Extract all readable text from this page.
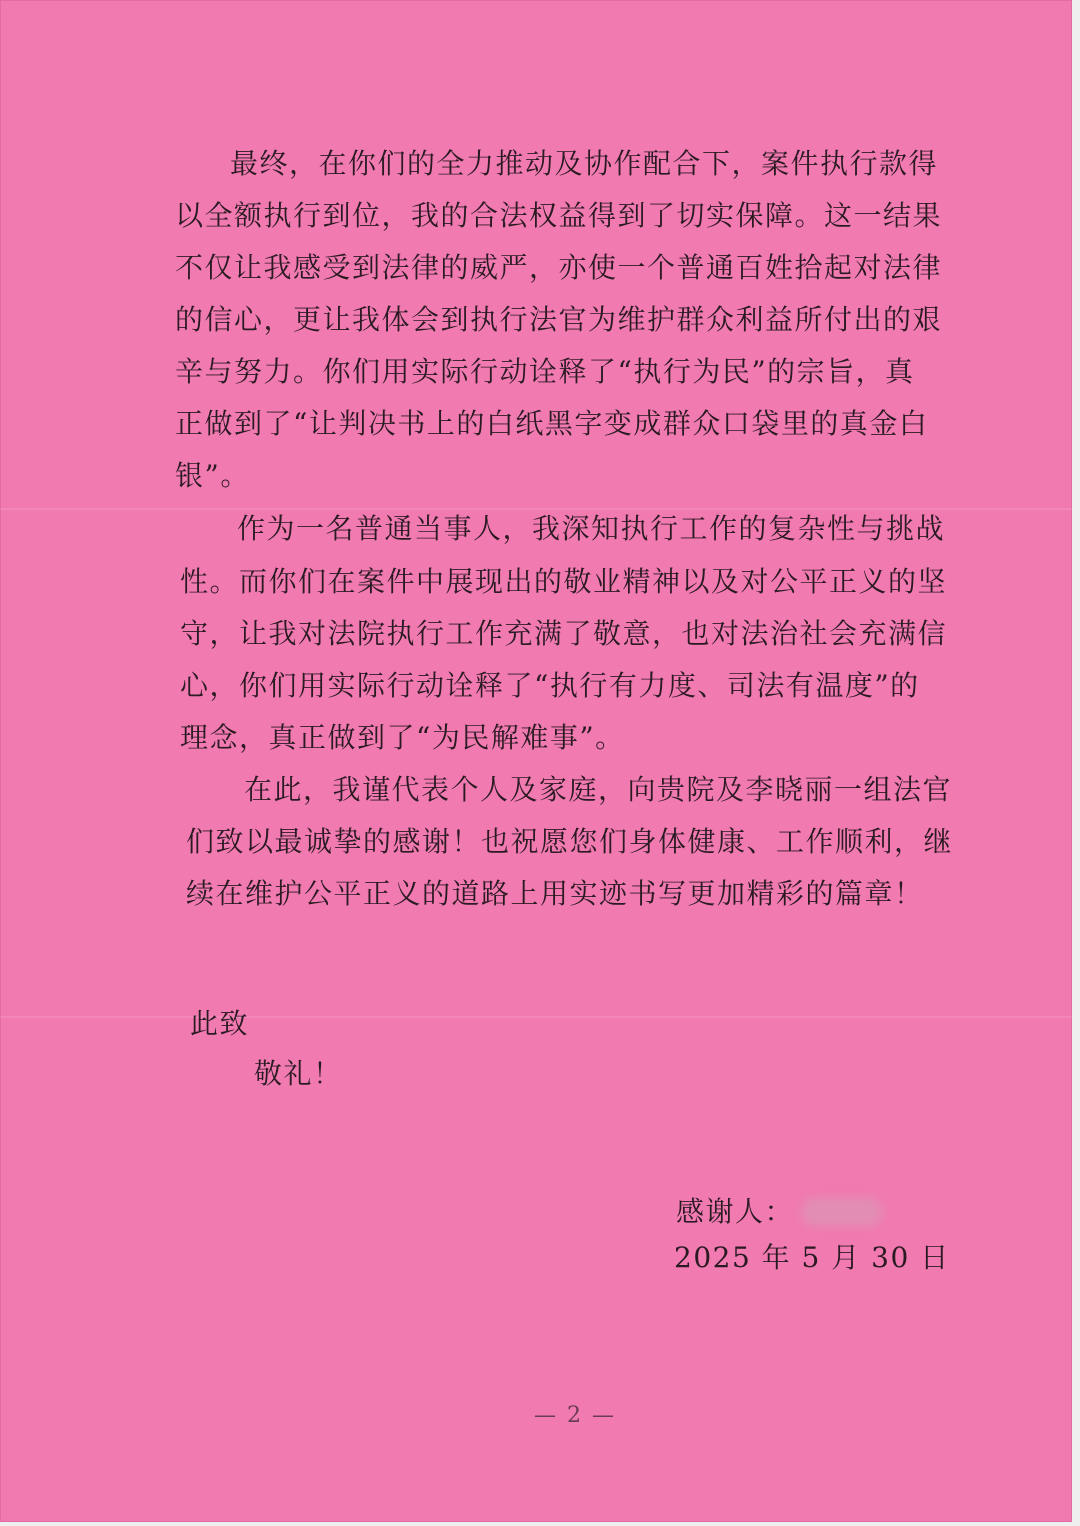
最终，在你们的全力推动及协作配合下，案件执行款得

以全额执行到位，我的合法权益得到了切实保障。这一结果

不仅让我感受到法律的威严，亦使一个普通百姓拾起对法律

的信心，更让我体会到执行法官为维护群众利益所付出的艰

辛与努力。你们用实际行动诠释了“执行为民”的宗旨，真

正做到了“让判决书上的白纸黑字变成群众口袋里的真金白

银”。

作为一名普通当事人，我深知执行工作的复杂性与挑战

性。而你们在案件中展现出的敬业精神以及对公平正义的坚

守，让我对法院执行工作充满了敬意，也对法治社会充满信

心，你们用实际行动诠释了“执行有力度、司法有温度”的

理念，真正做到了“为民解难事”。

在此，我谨代表个人及家庭，向贵院及李晓丽一组法官

们致以最诚挚的感谢！也祝愿您们身体健康、工作顺利，继

续在维护公平正义的道路上用实迹书写更加精彩的篇章！

此致

敬礼！

感谢人：

2025 年 5 月 30 日

— 2 —
